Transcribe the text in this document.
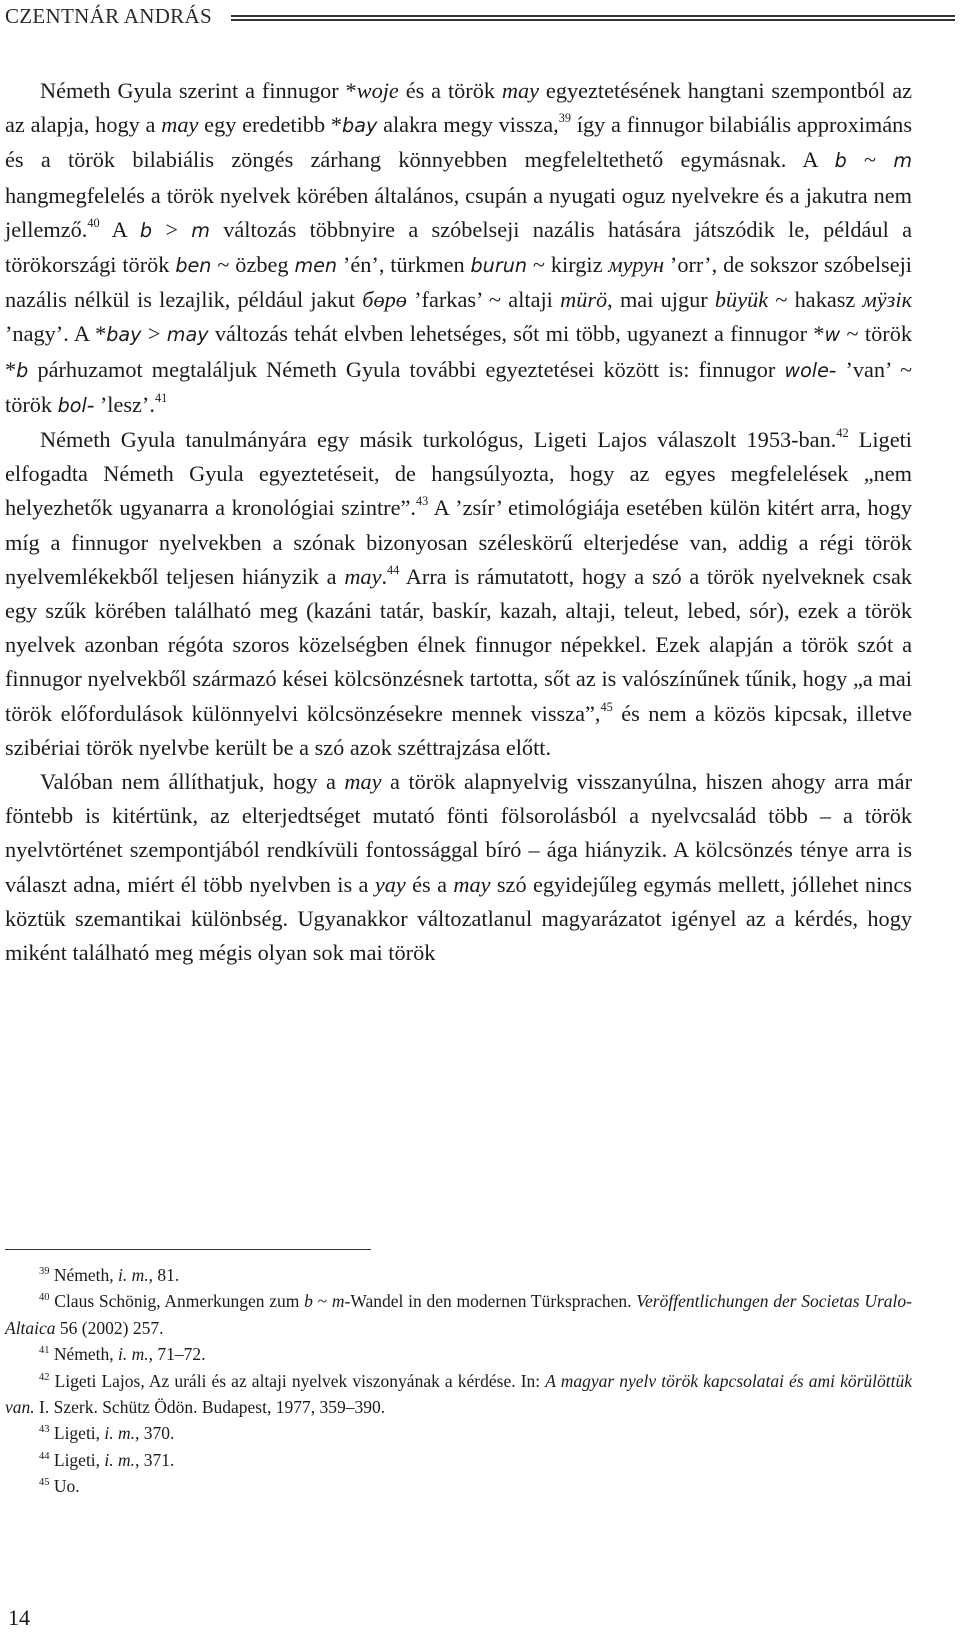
CZENTNÁR ANDRÁS

Németh Gyula szerint a finnugor *woje és a török may egyeztetésének hangtani szempontból az az alapja, hogy a may egy eredetibb *bay alakra megy vissza,$^{39}$ így a finnugor bilabiális approximáns és a török bilabiális zöngés zárhang könnyebben megfeleltethető egymásnak. A b ~ m hangmegfelelés a török nyelvek körében általános, csupán a nyugati oguz nyelvekre és a jakutra nem jellemző.$^{40}$ A b > m változás többnyire a szóbelseji nazális hatására játszódik le, például a törökországi török ben ~ özbeg men ’én’, türkmen burun ~ kirgiz мурун ’orr’, de sokszor szóbelseji nazális nélkül is lezajlik, például jakut бөрө ’farkas’ ~ altaji mürö, mai ujgur büyük ~ hakasz мӱзік ’nagy’. A *bay > may változás tehát elvben lehetséges, sőt mi több, ugyanezt a finnugor *w ~ török *b párhuzamot megtaláljuk Németh Gyula további egyeztetései között is: finnugor wole- ’van’ ~ török bol- ’lesz’.$^{41}$

Németh Gyula tanulmányára egy másik turkológus, Ligeti Lajos válaszolt 1953-ban.$^{42}$ Ligeti elfogadta Németh Gyula egyeztetéseit, de hangsúlyozta, hogy az egyes megfelelések „nem helyezhetők ugyanarra a kronológiai szintre”.$^{43}$ A ’zsír’ etimológiája esetében külön kitért arra, hogy míg a finnugor nyelvekben a szónak bizonyosan széleskörű elterjedése van, addig a régi török nyelvemlékekből teljesen hiányzik a may.$^{44}$ Arra is rámutatott, hogy a szó a török nyelveknek csak egy szűk körében található meg (kazáni tatár, baskír, kazah, altaji, teleut, lebed, sór), ezek a török nyelvek azonban régóta szoros közelségben élnek finnugor népekkel. Ezek alapján a török szót a finnugor nyelvekből származó kései kölcsönzésnek tartotta, sőt az is valószínűnek tűnik, hogy „a mai török előfordulások különnyelvi kölcsönzésekre mennek vissza”,$^{45}$ és nem a közös kipcsak, illetve szibériai török nyelvbe került be a szó azok széttrajzása előtt.

Valóban nem állíthatjuk, hogy a may a török alapnyelvig visszanyúlna, hiszen ahogy arra már föntebb is kitértünk, az elterjedtséget mutató fönti fölsorolásból a nyelvcsalád több – a török nyelvtörténet szempontjából rendkívüli fontossággal bíró – ága hiányzik. A kölcsönzés ténye arra is választ adna, miért él több nyelvben is a yay és a may szó egyidejűleg egymás mellett, jóllehet nincs köztük szemantikai különbség. Ugyanakkor változatlanul magyarázatot igényel az a kérdés, hogy miként található meg mégis olyan sok mai török

$^{39}$ Németh, i. m., 81.

$^{40}$ Claus Schönig, Anmerkungen zum b ~ m-Wandel in den modernen Türksprachen. Veröffentlichungen der Societas Uralo-Altaica 56 (2002) 257.

$^{41}$ Németh, i. m., 71–72.

$^{42}$ Ligeti Lajos, Az uráli és az altaji nyelvek viszonyának a kérdése. In: A magyar nyelv török kapcsolatai és ami körülöttük van. I. Szerk. Schütz Ödön. Budapest, 1977, 359–390.

$^{43}$ Ligeti, i. m., 370.

$^{44}$ Ligeti, i. m., 371.

$^{45}$ Uo.

14
